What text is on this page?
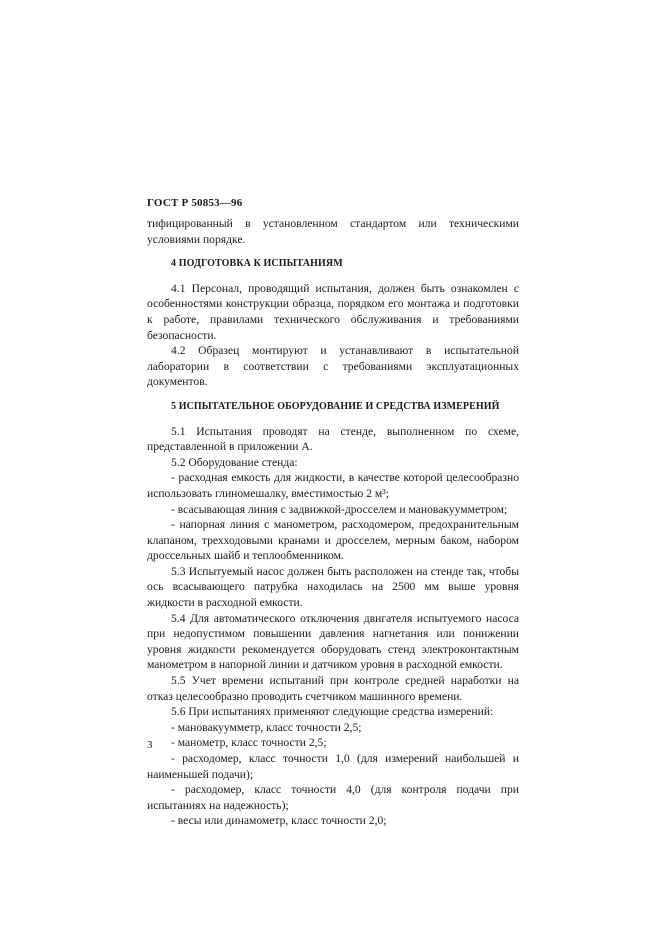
ГОСТ Р 50853—96

тифицированный в установленном стандартом или техническими условиями порядке.

4 ПОДГОТОВКА К ИСПЫТАНИЯМ

4.1 Персонал, проводящий испытания, должен быть ознакомлен с особенностями конструкции образца, порядком его монтажа и подготовки к работе, правилами технического обслуживания и требованиями безопасности.

4.2 Образец монтируют и устанавливают в испытательной лаборатории в соответствии с требованиями эксплуатационных документов.

5 ИСПЫТАТЕЛЬНОЕ ОБОРУДОВАНИЕ И СРЕДСТВА ИЗМЕРЕНИЙ

5.1 Испытания проводят на стенде, выполненном по схеме, представленной в приложении А.

5.2 Оборудование стенда:

- расходная емкость для жидкости, в качестве которой целесообразно использовать глиномешалку, вместимостью 2 м³;

- всасывающая линия с задвижкой-дросселем и мановакуумметром;

- напорная линия с манометром, расходомером, предохранительным клапаном, трехходовыми кранами и дросселем, мерным баком, набором дроссельных шайб и теплообменником.

5.3 Испытуемый насос должен быть расположен на стенде так, чтобы ось всасывающего патрубка находилась на 2500 мм выше уровня жидкости в расходной емкости.

5.4 Для автоматического отключения двигателя испытуемого насоса при недопустимом повышении давления нагнетания или понижении уровня жидкости рекомендуется оборудовать стенд электроконтактным манометром в напорной линии и датчиком уровня в расходной емкости.

5.5 Учет времени испытаний при контроле средней наработки на отказ целесообразно проводить счетчиком машинного времени.

5.6 При испытаниях применяют следующие средства измерений:

- мановакуумметр, класс точности 2,5;

- манометр, класс точности 2,5;

- расходомер, класс точности 1,0 (для измерений наибольшей и наименьшей подачи);

- расходомер, класс точности 4,0 (для контроля подачи при испытаниях на надежность);

- весы или динамометр, класс точности 2,0;

3
